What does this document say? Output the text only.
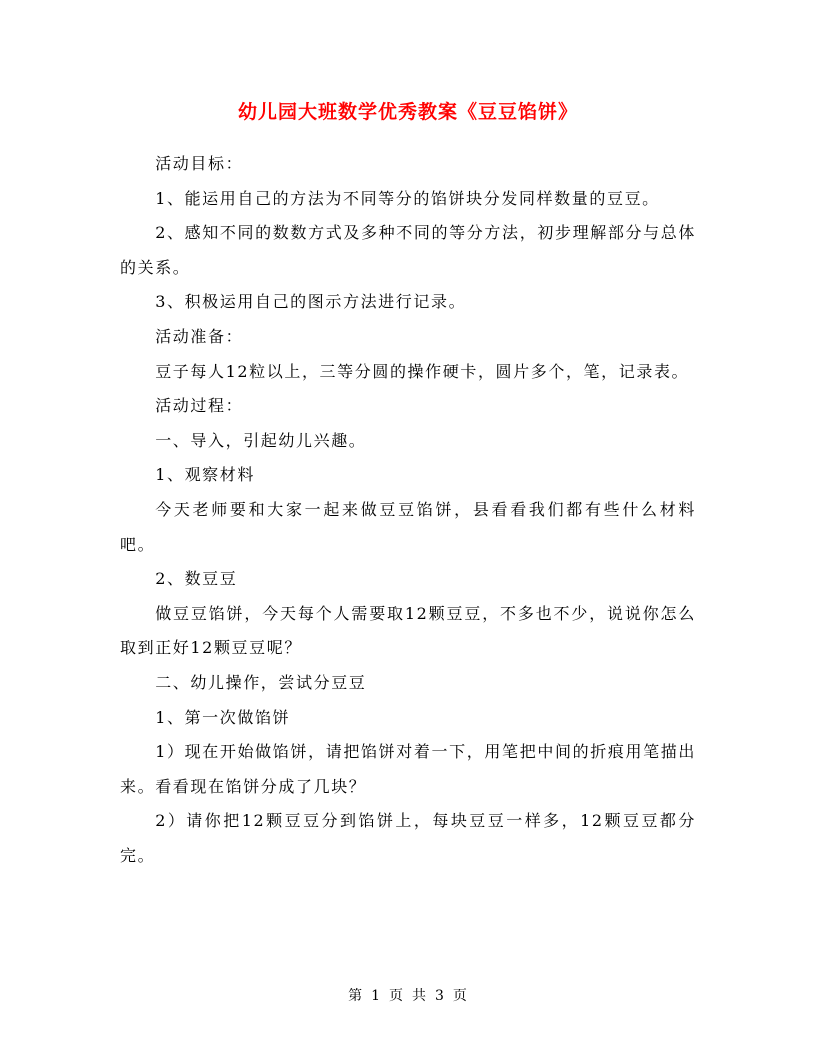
幼儿园大班数学优秀教案《豆豆馅饼》

活动目标：

1、能运用自己的方法为不同等分的馅饼块分发同样数量的豆豆。

2、感知不同的数数方式及多种不同的等分方法，初步理解部分与总体的关系。

3、积极运用自己的图示方法进行记录。

活动准备：

豆子每人12粒以上，三等分圆的操作硬卡，圆片多个，笔，记录表。

活动过程：

一、导入，引起幼儿兴趣。

1、观察材料

今天老师要和大家一起来做豆豆馅饼，县看看我们都有些什么材料吧。

2、数豆豆

做豆豆馅饼，今天每个人需要取12颗豆豆，不多也不少，说说你怎么取到正好12颗豆豆呢？

二、幼儿操作，尝试分豆豆

1、第一次做馅饼

1）现在开始做馅饼，请把馅饼对着一下，用笔把中间的折痕用笔描出来。看看现在馅饼分成了几块？

2）请你把12颗豆豆分到馅饼上，每块豆豆一样多，12颗豆豆都分完。

第 1 页 共 3 页
